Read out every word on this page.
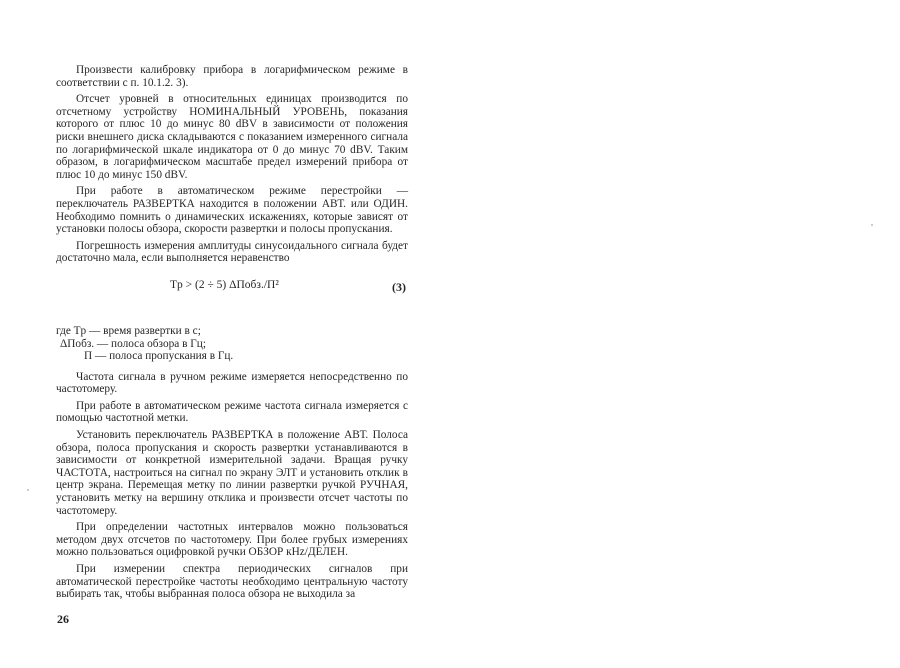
Произвести калибровку прибора в логарифмическом режиме в соответствии с п. 10.1.2. 3).

Отсчет уровней в относительных единицах производится по отсчетному устройству НОМИНАЛЬНЫЙ УРОВЕНЬ, показания которого от плюс 10 до минус 80 dBV в зависимости от положения риски внешнего диска складываются с показанием измеренного сигнала по логарифмической шкале индикатора от 0 до минус 70 dBV. Таким образом, в логарифмическом масштабе предел измерений прибора от плюс 10 до минус 150 dBV.

При работе в автоматическом режиме перестройки — переключатель РАЗВЕРТКА находится в положении АВТ. или ОДИН. Необходимо помнить о динамических искажениях, которые зависят от установки полосы обзора, скорости развертки и полосы пропускания.

Погрешность измерения амплитуды синусоидального сигнала будет достаточно мала, если выполняется неравенство

Tр > (2 ÷ 5) ΔПобз./П²	(3)

где Tр — время развертки в с;

ΔПобз. — полоса обзора в Гц;

П — полоса пропускания в Гц.

Частота сигнала в ручном режиме измеряется непосредственно по частотомеру.

При работе в автоматическом режиме частота сигнала измеряется с помощью частотной метки.

Установить переключатель РАЗВЕРТКА в положение АВТ. Полоса обзора, полоса пропускания и скорость развертки устанавливаются в зависимости от конкретной измерительной задачи. Вращая ручку ЧАСТОТА, настроиться на сигнал по экрану ЭЛТ и установить отклик в центр экрана. Перемещая метку по линии развертки ручкой РУЧНАЯ, установить метку на вершину отклика и произвести отсчет частоты по частотомеру.

При определении частотных интервалов можно пользоваться методом двух отсчетов по частотомеру. При более грубых измерениях можно пользоваться оцифровкой ручки ОБЗОР кHz/ДЕЛЕН.

При измерении спектра периодических сигналов при автоматической перестройке частоты необходимо центральную частоту выбирать так, чтобы выбранная полоса обзора не выходила за

26
